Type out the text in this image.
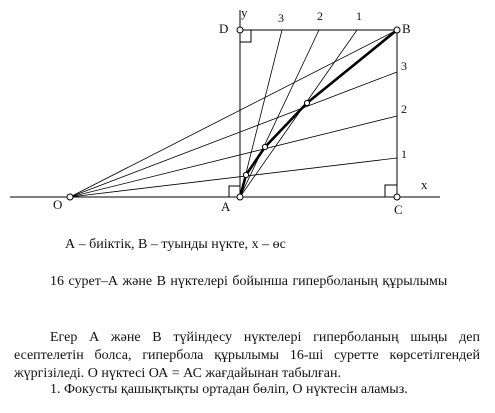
y
x
D	B
O	A	C
3	2	1
3
2
1
А – биіктік, В – туынды нүкте, х – өс
16 сурет–А және В нүктелері бойынша гиперболаның құрылымы
Егер А және В түйіндесу нүктелері гиперболаның шыңы деп есептелетін болса, гипербола құрылымы 16-ші суретте көрсетілгендей жүргізіледі. О нүктесі ОА = АС жағдайынан табылған.
1. Фокусты қашықтықты ортадан бөліп, О нүктесін аламыз.
